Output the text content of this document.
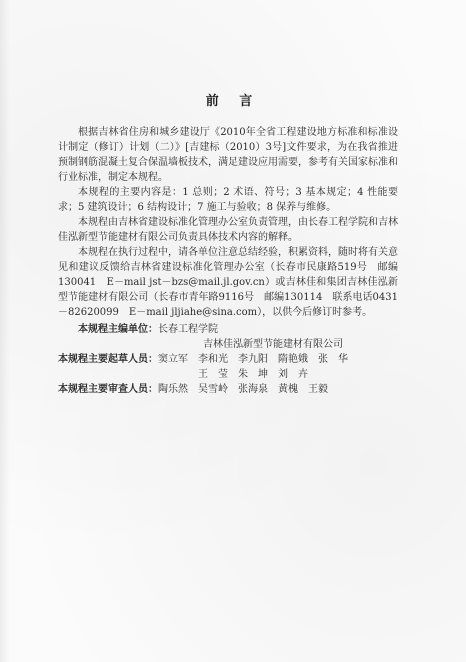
前 言

根据吉林省住房和城乡建设厅《2010年全省工程建设地方标准和标准设计制定（修订）计划（二）》[吉建标（2010）3号]文件要求，为在我省推进预制钢筋混凝土复合保温墙板技术，满足建设应用需要，参考有关国家标准和行业标准，制定本规程。

本规程的主要内容是：1 总则；2 术语、符号；3 基本规定；4 性能要求；5 建筑设计；6 结构设计；7 施工与验收；8 保养与维修。

本规程由吉林省建设标准化管理办公室负责管理，由长春工程学院和吉林佳泓新型节能建材有限公司负责具体技术内容的解释。

本规程在执行过程中，请各单位注意总结经验，积累资料，随时将有关意见和建议反馈给吉林省建设标准化管理办公室（长春市民康路519号　邮编130041　E－mail jst－bzs@mail.jl.gov.cn）或吉林佳和集团吉林佳泓新型节能建材有限公司（长春市青年路9116号　邮编130114　联系电话0431－82620099　E－mail jljiahe@sina.com），以供今后修订时参考。

本规程主编单位： 长春工程学院
吉林佳泓新型节能建材有限公司
本规程主要起草人员： 窦立军　李和光　李九阳　隋艳娥　张　华
王　莹　朱　坤　刘　卉
本规程主要审查人员： 陶乐然　吴雪岭　张海泉　黄槐　王毅
